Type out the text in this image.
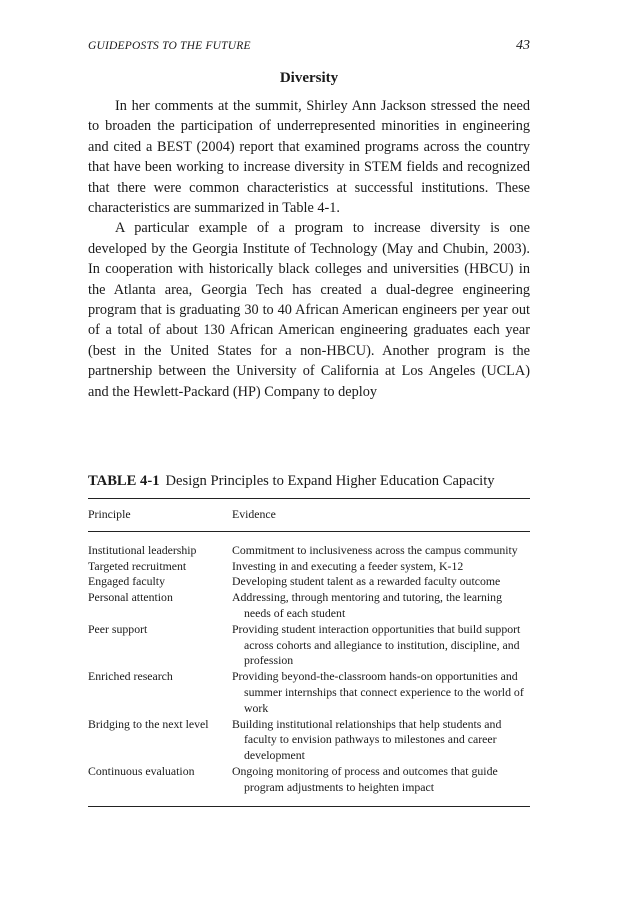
GUIDEPOSTS TO THE FUTURE	43
Diversity

In her comments at the summit, Shirley Ann Jackson stressed the need to broaden the participation of underrepresented minorities in engineering and cited a BEST (2004) report that examined programs across the country that have been working to increase diversity in STEM fields and recognized that there were common characteristics at successful institutions. These characteristics are summarized in Table 4-1.

A particular example of a program to increase diversity is one developed by the Georgia Institute of Technology (May and Chubin, 2003). In cooperation with historically black colleges and universities (HBCU) in the Atlanta area, Georgia Tech has created a dual-degree engineering program that is graduating 30 to 40 African American engineers per year out of a total of about 130 African American engineering graduates each year (best in the United States for a non-HBCU). Another program is the partnership between the University of California at Los Angeles (UCLA) and the Hewlett-Packard (HP) Company to deploy

TABLE 4-1 Design Principles to Expand Higher Education Capacity
Principle	Evidence

Institutional leadership	Commitment to inclusiveness across the campus community
Targeted recruitment	Investing in and executing a feeder system, K-12
Engaged faculty	Developing student talent as a rewarded faculty outcome
Personal attention	Addressing, through mentoring and tutoring, the learning needs of each student
Peer support	Providing student interaction opportunities that build support across cohorts and allegiance to institution, discipline, and profession
Enriched research	Providing beyond-the-classroom hands-on opportunities and summer internships that connect experience to the world of work
Bridging to the next level	Building institutional relationships that help students and faculty to envision pathways to milestones and career development
Continuous evaluation	Ongoing monitoring of process and outcomes that guide program adjustments to heighten impact
